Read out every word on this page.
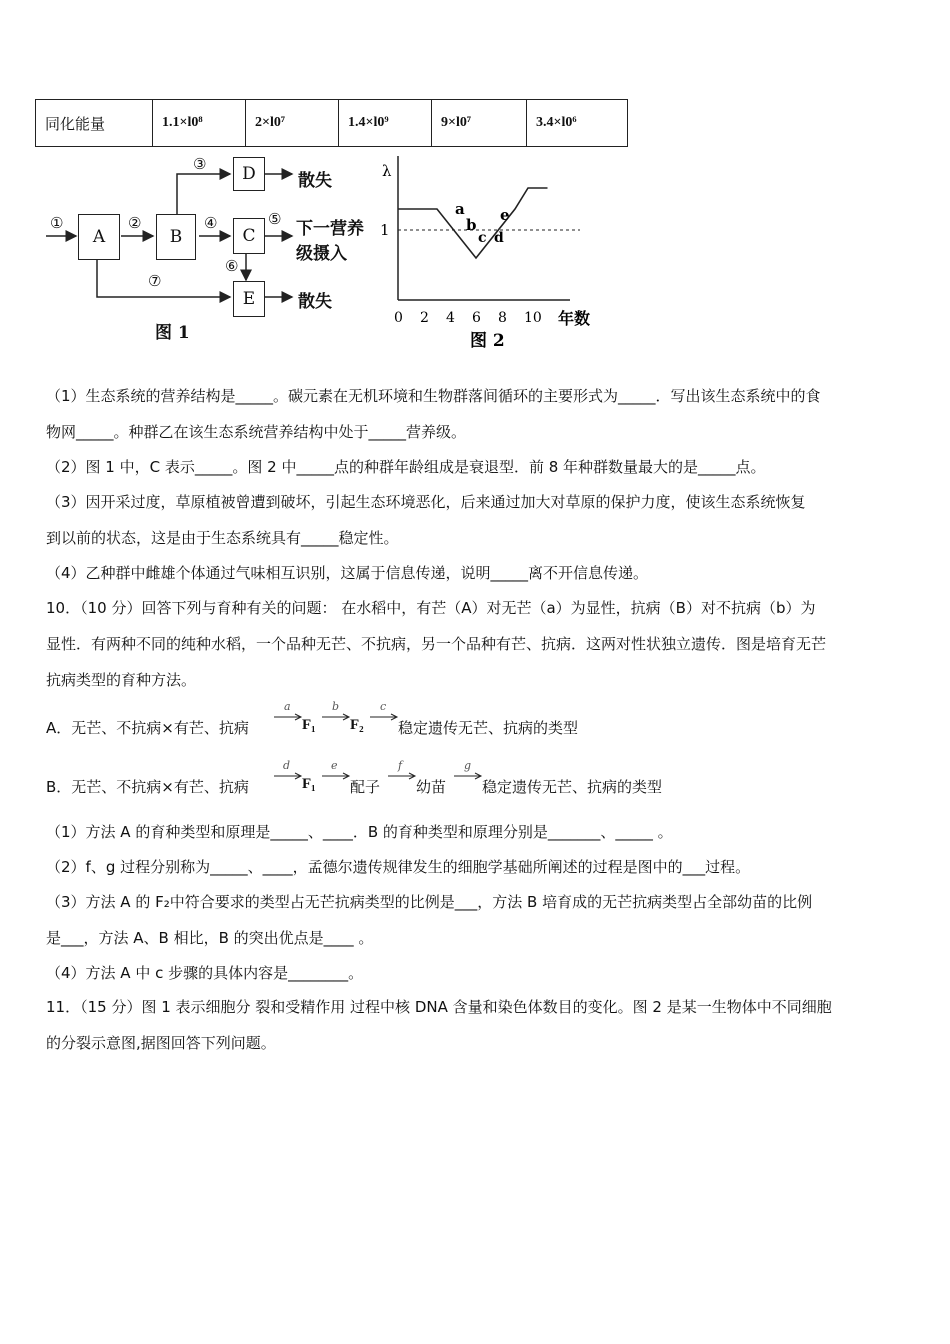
同化能量	1.1×l0⁸	2×l0⁷	1.4×l0⁹	9×l0⁷	3.4×l0⁶
A	B	C
D
E
①	②
③
④	⑤
⑥
⑦
散失
下一营养
级摄入
散失
图 1
λ
1
0 2 4 6 8 10 年数
a
b
c d
e
图 2
（1）生态系统的营养结构是_____。碳元素在无机环境和生物群落间循环的主要形式为_____．写出该生态系统中的食
物网_____。种群乙在该生态系统营养结构中处于_____营养级。
（2）图 1 中，C 表示_____。图 2 中_____点的种群年龄组成是衰退型．前 8 年种群数量最大的是_____点。
（3）因开采过度，草原植被曾遭到破坏，引起生态环境恶化，后来通过加大对草原的保护力度，使该生态系统恢复
到以前的状态，这是由于生态系统具有_____稳定性。
（4）乙种群中雌雄个体通过气味相互识别，这属于信息传递，说明_____离不开信息传递。
10．（10 分）回答下列与育种有关的问题： 在水稻中，有芒（A）对无芒（a）为显性，抗病（B）对不抗病（b）为
显性．有两种不同的纯种水稻，一个品种无芒、不抗病，另一个品种有芒、抗病．这两对性状独立遗传．图是培育无芒
抗病类型的育种方法。
A．无芒、不抗病×有芒、抗病
a
F₁
b
F₂
c
稳定遗传无芒、抗病的类型
B．无芒、不抗病×有芒、抗病
d
F₁
e
配子
f
幼苗
g
稳定遗传无芒、抗病的类型
（1）方法 A 的育种类型和原理是_____、____．B 的育种类型和原理分别是_______、_____ 。
（2）f、g 过程分别称为_____、____，孟德尔遗传规律发生的细胞学基础所阐述的过程是图中的___过程。
（3）方法 A 的 F₂中符合要求的类型占无芒抗病类型的比例是___，方法 B 培育成的无芒抗病类型占全部幼苗的比例
是___，方法 A、B 相比，B 的突出优点是____ 。
（4）方法 A 中 c 步骤的具体内容是________。
11．（15 分）图 1 表示细胞分 裂和受精作用 过程中核 DNA 含量和染色体数目的变化。图 2 是某一生物体中不同细胞
的分裂示意图,据图回答下列问题。
